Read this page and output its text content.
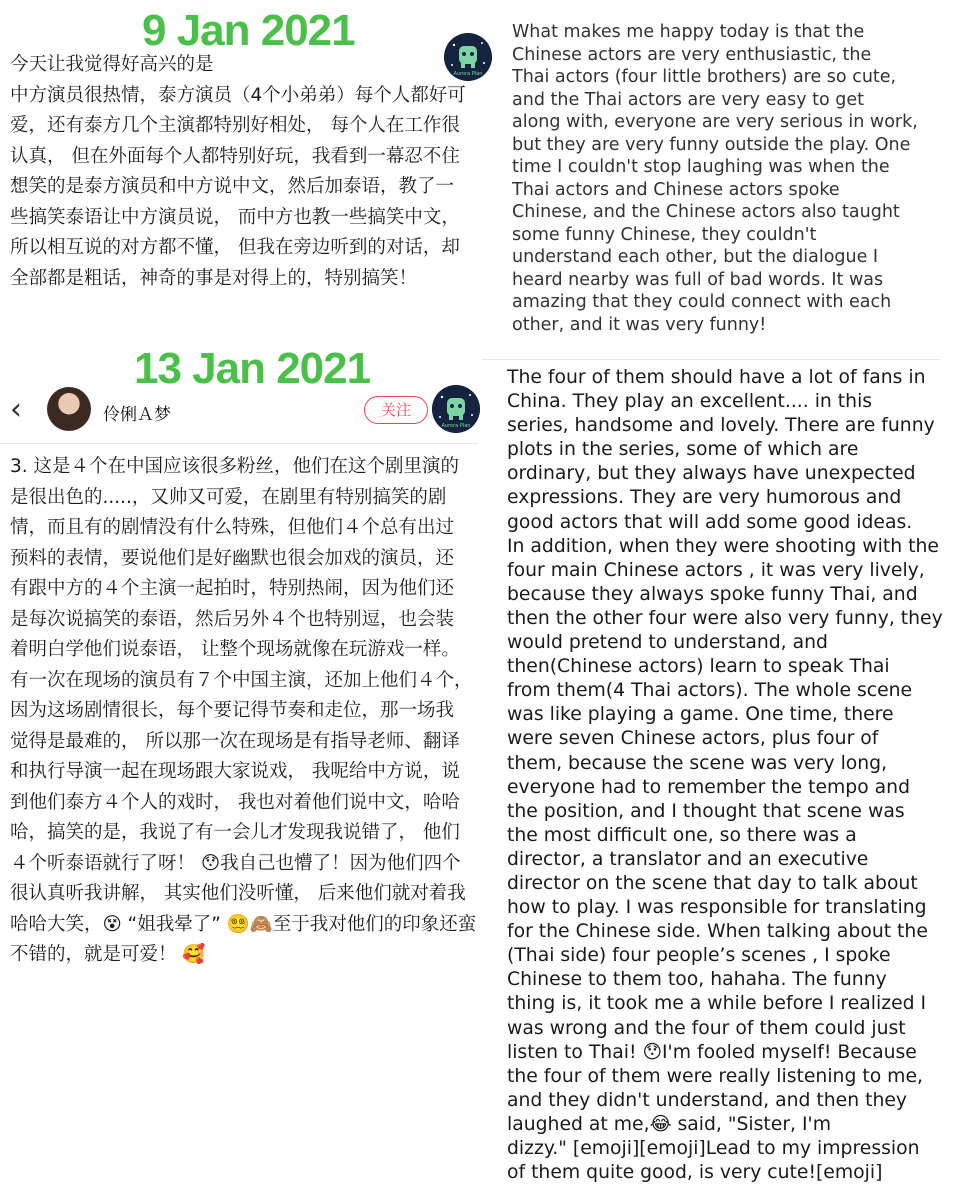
9 Jan 2021
13 Jan 2021
今天让我觉得好高兴的是
中方演员很热情，泰方演员（4个小弟弟）每个人都好可
爱，还有泰方几个主演都特别好相处， 每个人在工作很
认真， 但在外面每个人都特别好玩，我看到一幕忍不住
想笑的是泰方演员和中方说中文，然后加泰语，教了一
些搞笑泰语让中方演员说， 而中方也教一些搞笑中文，
所以相互说的对方都不懂， 但我在旁边听到的对话，却
全部都是粗话，神奇的事是对得上的，特别搞笑！
Aurora Plan
What makes me happy today is that the
Chinese actors are very enthusiastic, the
Thai actors (four little brothers) are so cute,
and the Thai actors are very easy to get
along with, everyone are very serious in work,
but they are very funny outside the play. One
time I couldn't stop laughing was when the
Thai actors and Chinese actors spoke
Chinese, and the Chinese actors also taught
some funny Chinese, they couldn't
understand each other, but the dialogue I
heard nearby was full of bad words. It was
amazing that they could connect with each
other, and it was very funny!
‹	伶俐Ａ梦	关注
Aurora Plan
3. 这是４个在中国应该很多粉丝，他们在这个剧里演的
是很出色的.....，又帅又可爱，在剧里有特别搞笑的剧
情，而且有的剧情没有什么特殊，但他们４个总有出过
预料的表情，要说他们是好幽默也很会加戏的演员，还
有跟中方的４个主演一起拍时，特别热闹，因为他们还
是每次说搞笑的泰语，然后另外４个也特别逗，也会装
着明白学他们说泰语， 让整个现场就像在玩游戏一样。
有一次在现场的演员有７个中国主演，还加上他们４个，
因为这场剧情很长，每个要记得节奏和走位，那一场我
觉得是最难的， 所以那一次在现场是有指导老师、翻译
和执行导演一起在现场跟大家说戏， 我呢给中方说，说
到他们泰方４个人的戏时， 我也对着他们说中文，哈哈
哈，搞笑的是，我说了有一会儿才发现我说错了， 他们
４个听泰语就行了呀！ 😯我自己也懵了！因为他们四个
很认真听我讲解， 其实他们没听懂， 后来他们就对着我
哈哈大笑，😵 “姐我晕了” 😵‍💫🙈至于我对他们的印象还蛮
不错的，就是可爱！ 🥰
The four of them should have a lot of fans in
China. They play an excellent.... in this
series, handsome and lovely. There are funny
plots in the series, some of which are
ordinary, but they always have unexpected
expressions. They are very humorous and
good actors that will add some good ideas.
In addition, when they were shooting with the
four main Chinese actors , it was very lively,
because they always spoke funny Thai, and
then the other four were also very funny, they
would pretend to understand, and
then(Chinese actors) learn to speak Thai
from them(4 Thai actors). The whole scene
was like playing a game. One time, there
were seven Chinese actors, plus four of
them, because the scene was very long,
everyone had to remember the tempo and
the position, and I thought that scene was
the most difficult one, so there was a
director, a translator and an executive
director on the scene that day to talk about
how to play. I was responsible for translating
for the Chinese side. When talking about the
(Thai side) four people’s scenes , I spoke
Chinese to them too, hahaha. The funny
thing is, it took me a while before I realized I
was wrong and the four of them could just
listen to Thai! 😯I'm fooled myself! Because
the four of them were really listening to me,
and they didn't understand, and then they
laughed at me,😂 said, "Sister, I'm
dizzy." [emoji][emoji]Lead to my impression
of them quite good, is very cute![emoji]
